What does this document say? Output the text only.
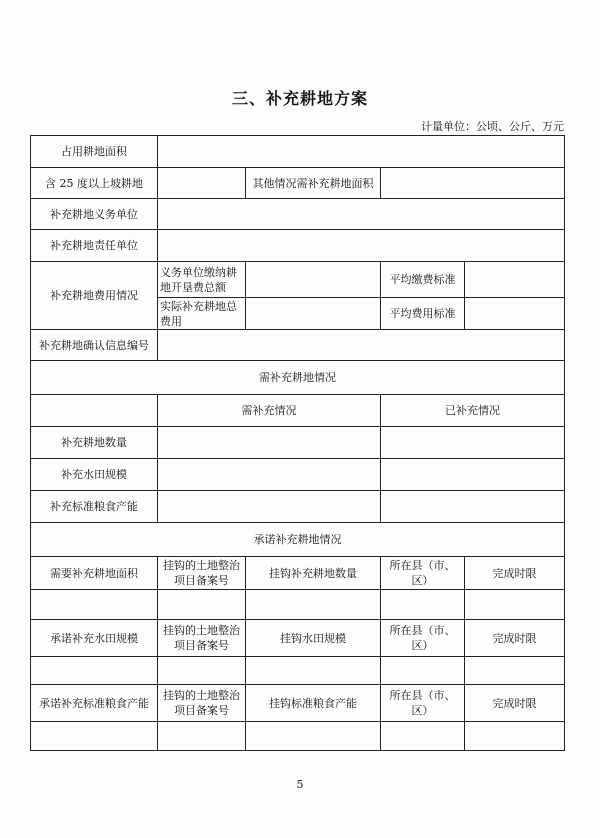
三、补充耕地方案
计量单位：公顷、公斤、万元
占用耕地面积				
含 25 度以上坡耕地		其他情况需补充耕地面积		
补充耕地义务单位				
补充耕地责任单位				
补充耕地费用情况	义务单位缴纳耕地开垦费总额		平均缴费标准	
	实际补充耕地总费用		平均费用标准	
补充耕地确认信息编号				
需补充耕地情况				
	需补充情况		已补充情况	
补充耕地数量				
补充水田规模				
补充标准粮食产能				
承诺补充耕地情况				
需要补充耕地面积	挂钩的土地整治项目备案号	挂钩补充耕地数量	所在县（市、区）	完成时限

承诺补充水田规模	挂钩的土地整治项目备案号	挂钩水田规模	所在县（市、区）	完成时限

承诺补充标准粮食产能	挂钩的土地整治项目备案号	挂钩标准粮食产能	所在县（市、区）	完成时限

5
